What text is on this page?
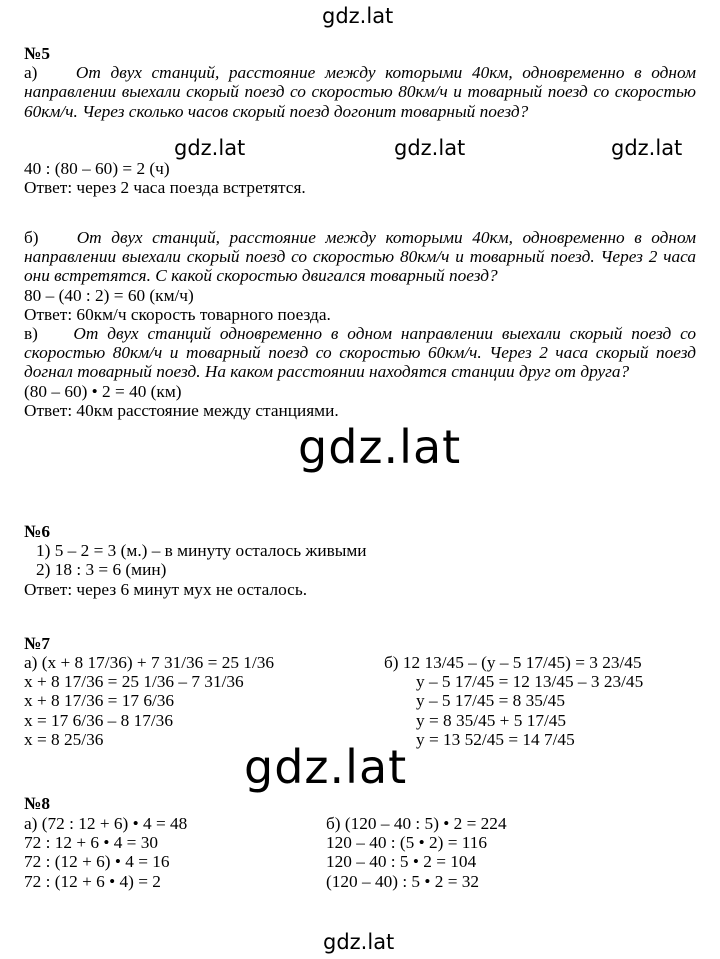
gdz.lat
gdz.lat	gdz.lat	gdz.lat
gdz.lat
gdz.lat
gdz.lat
№5

а) От двух станций, расстояние между которыми 40км, одновременно в одном направлении выехали скорый поезд со скоростью 80км/ч и товарный поезд со скоростью 60км/ч. Через сколько часов скорый поезд догонит товарный поезд?

40 : (80 – 60) = 2 (ч)

Ответ: через 2 часа поезда встретятся.

б) От двух станций, расстояние между которыми 40км, одновременно в одном направлении выехали скорый поезд со скоростью 80км/ч и товарный поезд. Через 2 часа они встретятся. С какой скоростью двигался товарный поезд?

80 – (40 : 2) = 60 (км/ч)

Ответ: 60км/ч скорость товарного поезда.

в) От двух станций одновременно в одном направлении выехали скорый поезд со скоростью 80км/ч и товарный поезд со скоростью 60км/ч. Через 2 часа скорый поезд догнал товарный поезд. На каком расстоянии находятся станции друг от друга?

(80 – 60) • 2 = 40 (км)

Ответ: 40км расстояние между станциями.

№6

1) 5 – 2 = 3 (м.) – в минуту осталось живыми

2) 18 : 3 = 6 (мин)

Ответ: через 6 минут мух не осталось.

№7
а) (x + 8 17/36) + 7 31/36 = 25 1/36
x + 8 17/36 = 25 1/36 – 7 31/36
x + 8 17/36 = 17 6/36
x = 17 6/36 – 8 17/36
x = 8 25/36
б) 12 13/45 – (y – 5 17/45) = 3 23/45
y – 5 17/45 = 12 13/45 – 3 23/45
y – 5 17/45 = 8 35/45
y = 8 35/45 + 5 17/45
y = 13 52/45 = 14 7/45
№8
а) (72 : 12 + 6) • 4 = 48
72 : 12 + 6 • 4 = 30
72 : (12 + 6) • 4 = 16
72 : (12 + 6 • 4) = 2
б) (120 – 40 : 5) • 2 = 224
120 – 40 : (5 • 2) = 116
120 – 40 : 5 • 2 = 104
(120 – 40) : 5 • 2 = 32
